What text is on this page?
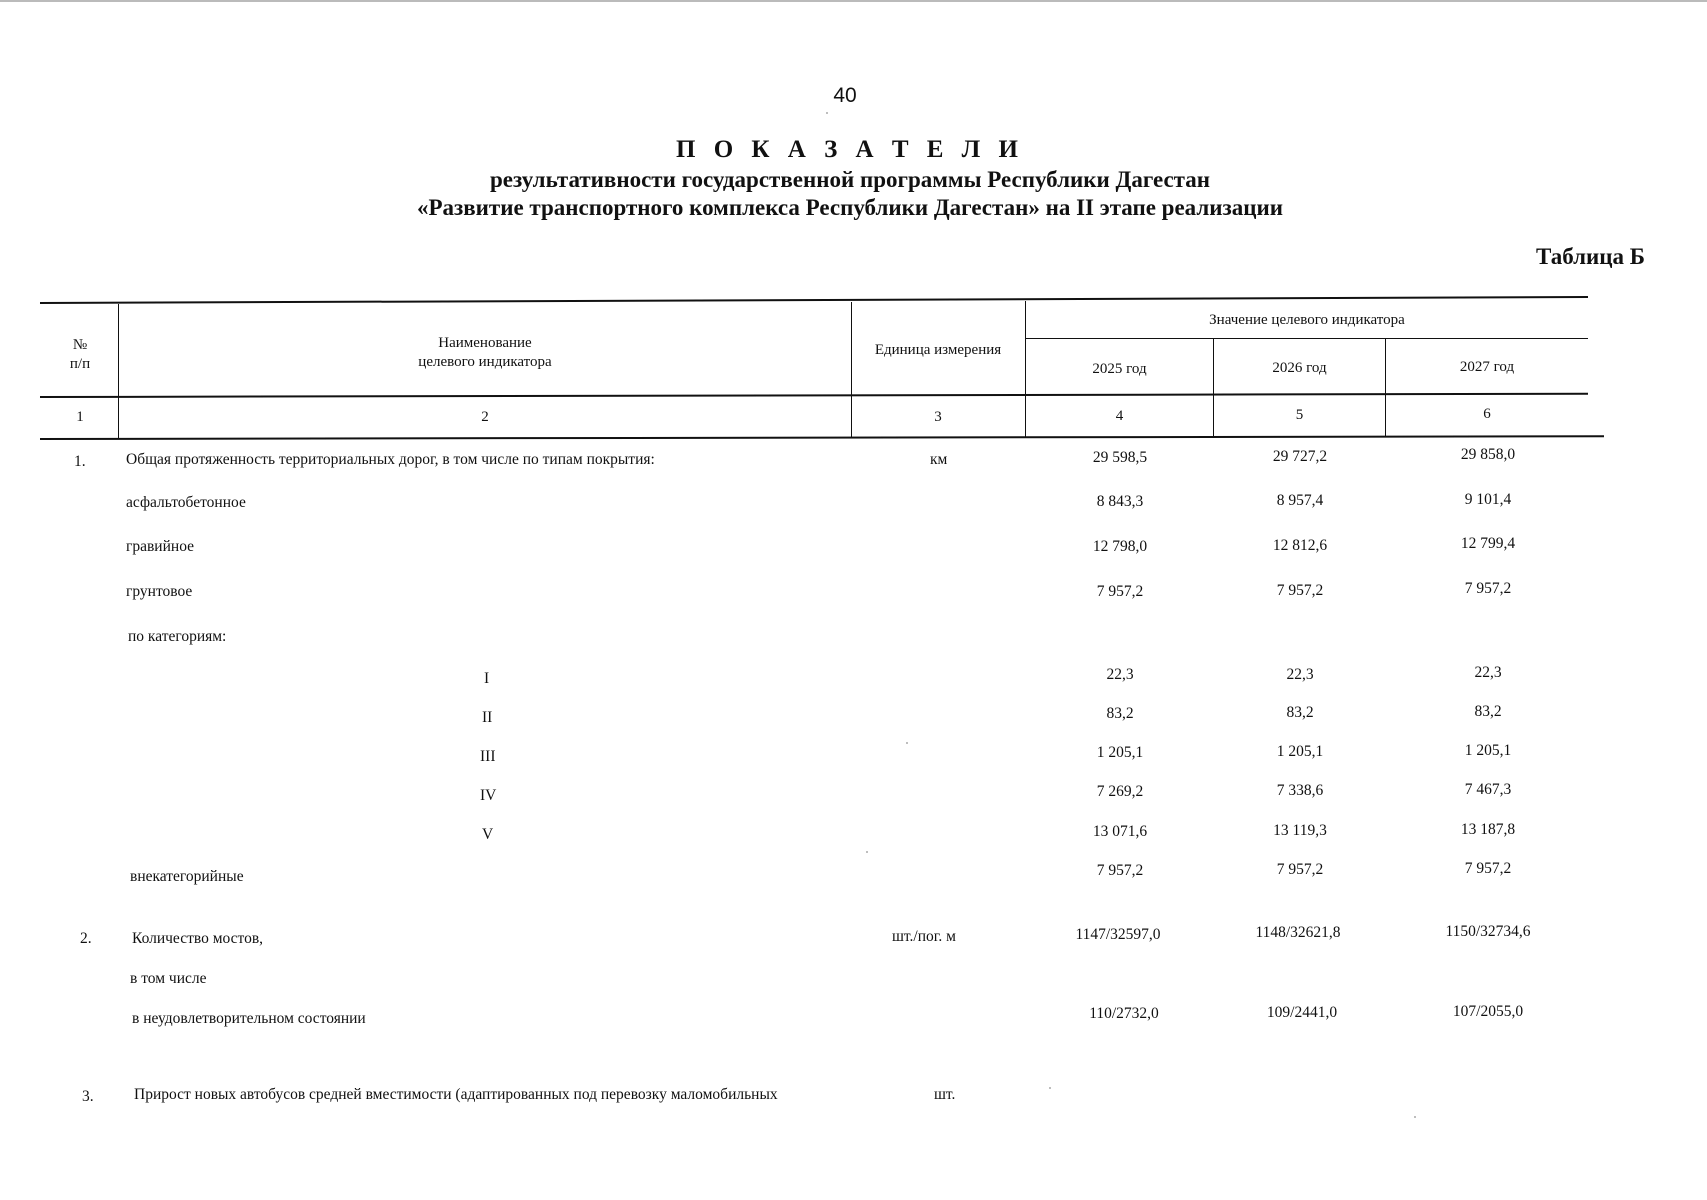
40
П О К А З А Т Е Л И
результативности государственной программы Республики Дагестан
«Развитие транспортного комплекса Республики Дагестан» на II этапе реализации
Таблица Б
№
п/п
Наименование
целевого индикатора
Единица измерения
Значение целевого индикатора
2025 год	2026 год	2027 год
1	2	3	4	5	6
1.	Общая протяженность территориальных дорог, в том числе по типам покрытия:	км	29 598,5	29 727,2	29 858,0
асфальтобетонное	8 843,3	8 957,4	9 101,4
гравийное	12 798,0	12 812,6	12 799,4
грунтовое	7 957,2	7 957,2	7 957,2
по категориям:
I	22,3	22,3	22,3
II	83,2	83,2	83,2
III	1 205,1	1 205,1	1 205,1
IV	7 269,2	7 338,6	7 467,3
V	13 071,6	13 119,3	13 187,8
внекатегорийные	7 957,2	7 957,2	7 957,2
2.	Количество мостов,	шт./пог. м	1147/32597,0	1148/32621,8	1150/32734,6
в том числе
в неудовлетворительном состоянии	110/2732,0	109/2441,0	107/2055,0
3.	Прирост новых автобусов средней вместимости (адаптированных под перевозку маломобильных	шт.
